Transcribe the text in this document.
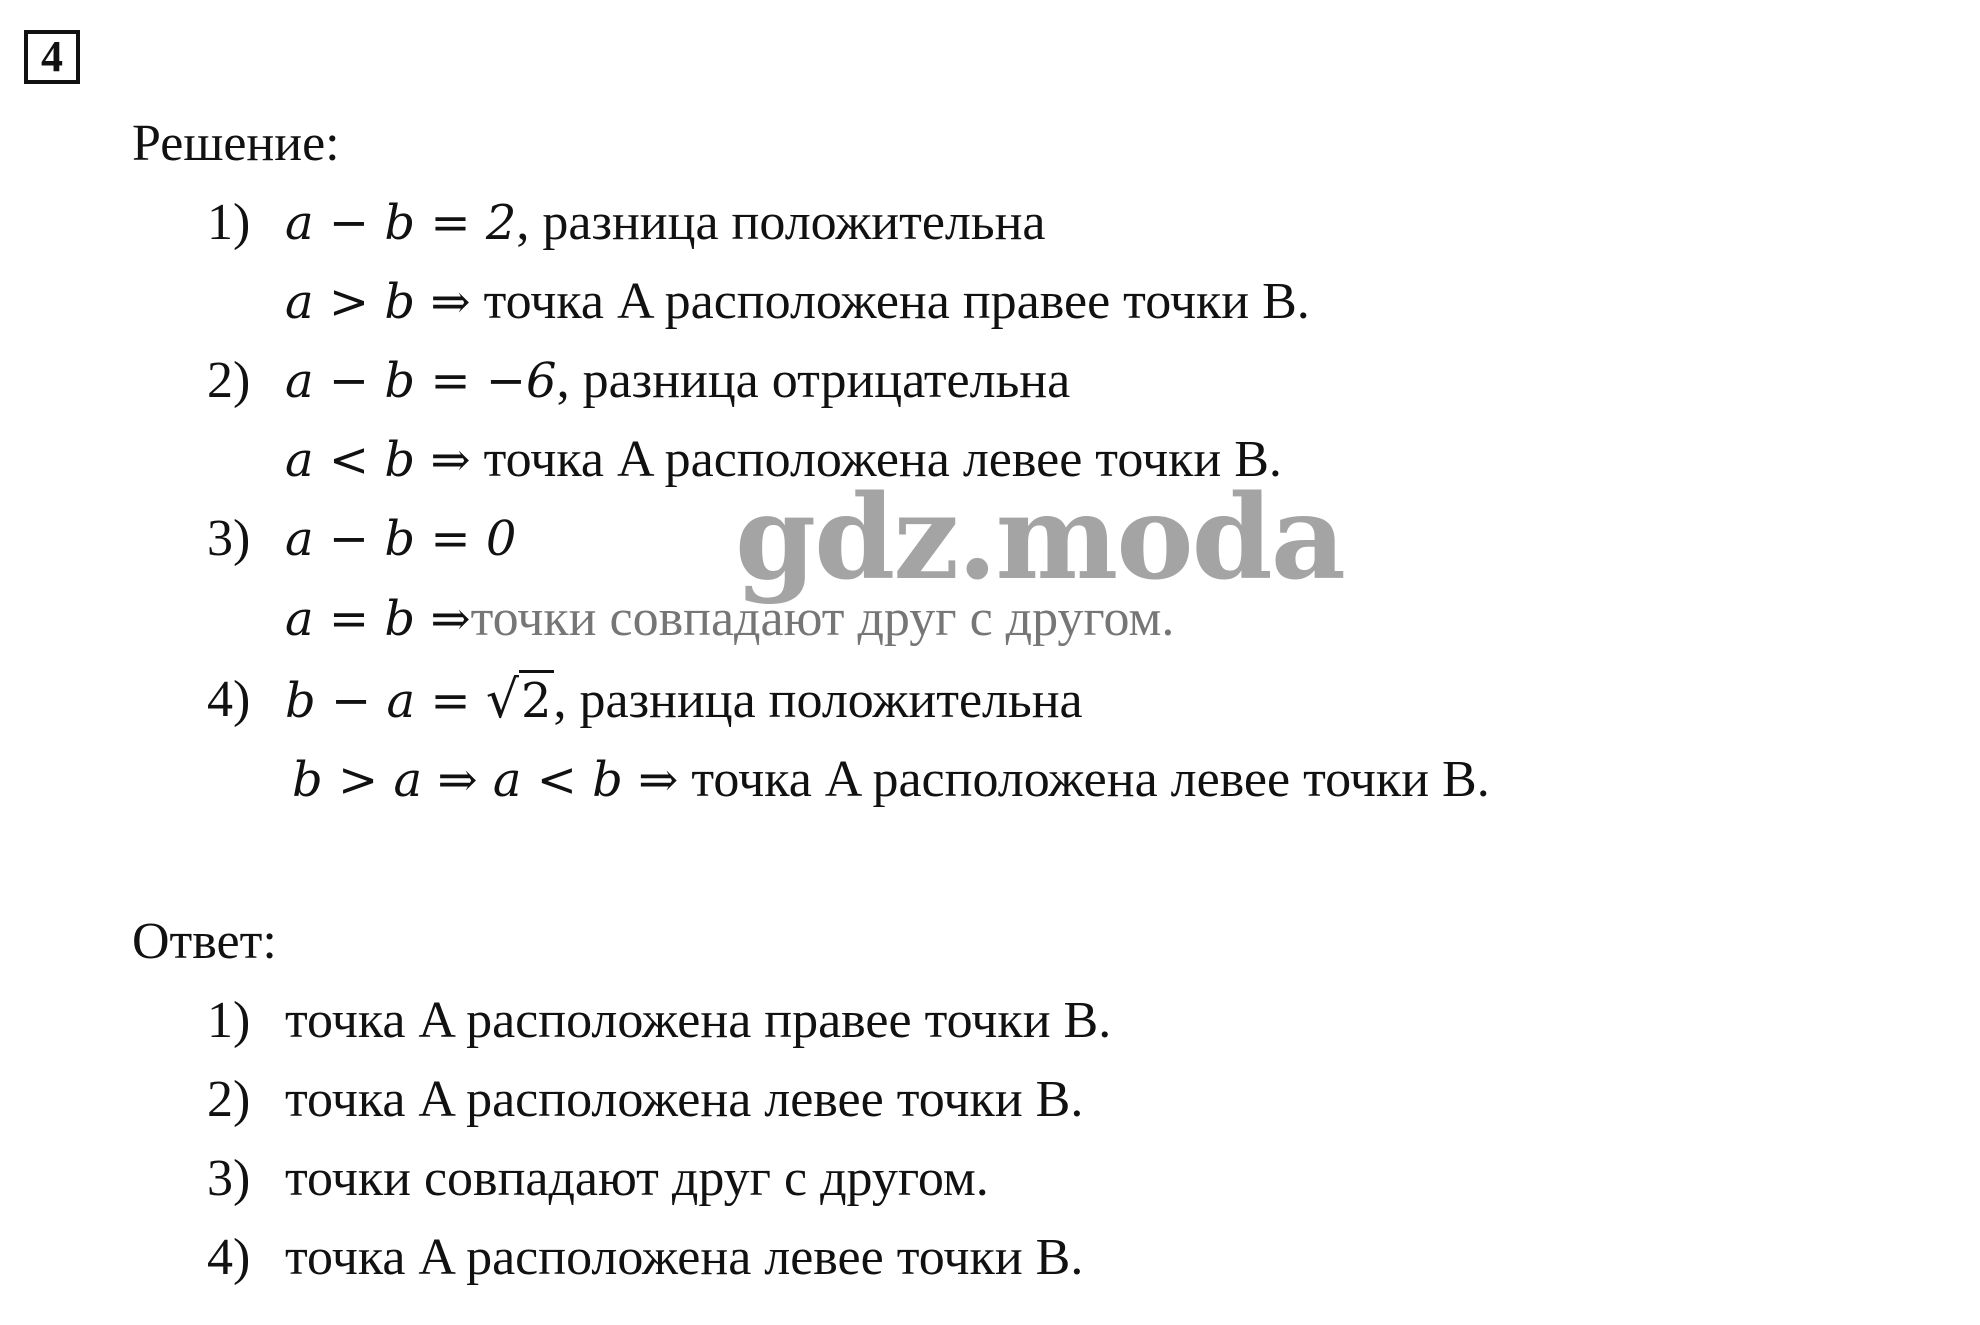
4
Решение:
1) a − b = 2, разница положительна
a > b ⇒ точка A расположена правее точки B.
2) a − b = −6, разница отрицательна
a < b ⇒ точка A расположена левее точки B.
3) a − b = 0
a = b ⇒точки совпадают друг с другом.
4) b − a = √2, разница положительна
b > a ⇒ a < b ⇒ точка A расположена левее точки B.
Ответ:
1) точка A расположена правее точки B.
2) точка A расположена левее точки B.
3) точки совпадают друг с другом.
4) точка A расположена левее точки B.
gdz.moda
